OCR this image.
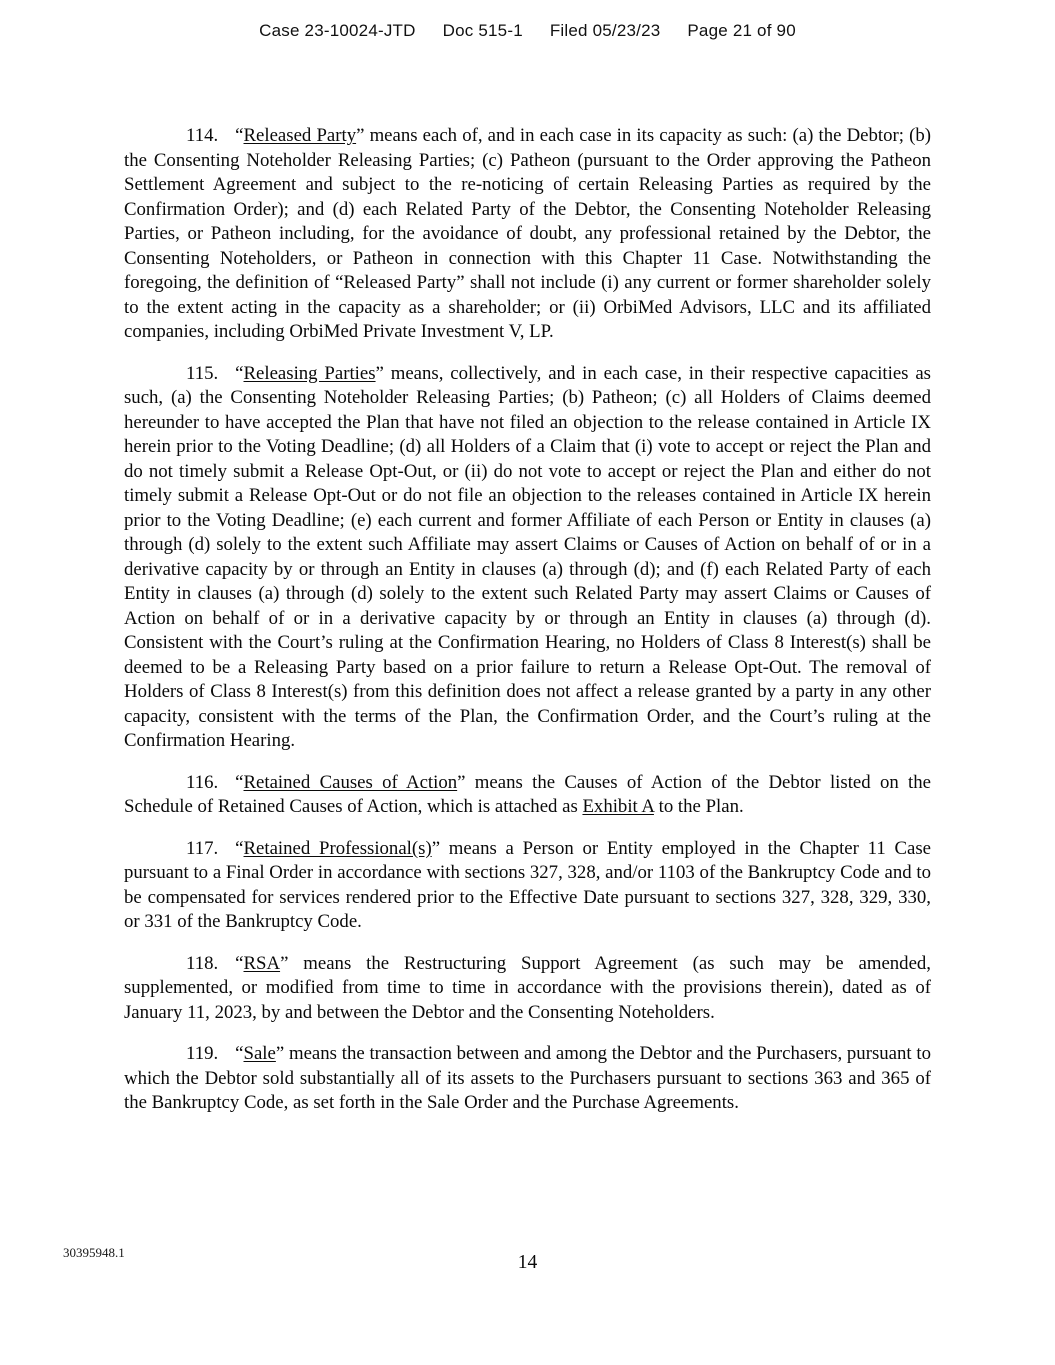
Case 23-10024-JTD Doc 515-1 Filed 05/23/23 Page 21 of 90

114. “Released Party” means each of, and in each case in its capacity as such: (a) the Debtor; (b) the Consenting Noteholder Releasing Parties; (c) Patheon (pursuant to the Order approving the Patheon Settlement Agreement and subject to the re-noticing of certain Releasing Parties as required by the Confirmation Order); and (d) each Related Party of the Debtor, the Consenting Noteholder Releasing Parties, or Patheon including, for the avoidance of doubt, any professional retained by the Debtor, the Consenting Noteholders, or Patheon in connection with this Chapter 11 Case. Notwithstanding the foregoing, the definition of “Released Party” shall not include (i) any current or former shareholder solely to the extent acting in the capacity as a shareholder; or (ii) OrbiMed Advisors, LLC and its affiliated companies, including OrbiMed Private Investment V, LP.

115. “Releasing Parties” means, collectively, and in each case, in their respective capacities as such, (a) the Consenting Noteholder Releasing Parties; (b) Patheon; (c) all Holders of Claims deemed hereunder to have accepted the Plan that have not filed an objection to the release contained in Article IX herein prior to the Voting Deadline; (d) all Holders of a Claim that (i) vote to accept or reject the Plan and do not timely submit a Release Opt-Out, or (ii) do not vote to accept or reject the Plan and either do not timely submit a Release Opt-Out or do not file an objection to the releases contained in Article IX herein prior to the Voting Deadline; (e) each current and former Affiliate of each Person or Entity in clauses (a) through (d) solely to the extent such Affiliate may assert Claims or Causes of Action on behalf of or in a derivative capacity by or through an Entity in clauses (a) through (d); and (f) each Related Party of each Entity in clauses (a) through (d) solely to the extent such Related Party may assert Claims or Causes of Action on behalf of or in a derivative capacity by or through an Entity in clauses (a) through (d). Consistent with the Court’s ruling at the Confirmation Hearing, no Holders of Class 8 Interest(s) shall be deemed to be a Releasing Party based on a prior failure to return a Release Opt-Out. The removal of Holders of Class 8 Interest(s) from this definition does not affect a release granted by a party in any other capacity, consistent with the terms of the Plan, the Confirmation Order, and the Court’s ruling at the Confirmation Hearing.

116. “Retained Causes of Action” means the Causes of Action of the Debtor listed on the Schedule of Retained Causes of Action, which is attached as Exhibit A to the Plan.

117. “Retained Professional(s)” means a Person or Entity employed in the Chapter 11 Case pursuant to a Final Order in accordance with sections 327, 328, and/or 1103 of the Bankruptcy Code and to be compensated for services rendered prior to the Effective Date pursuant to sections 327, 328, 329, 330, or 331 of the Bankruptcy Code.

118. “RSA” means the Restructuring Support Agreement (as such may be amended, supplemented, or modified from time to time in accordance with the provisions therein), dated as of January 11, 2023, by and between the Debtor and the Consenting Noteholders.

119. “Sale” means the transaction between and among the Debtor and the Purchasers, pursuant to which the Debtor sold substantially all of its assets to the Purchasers pursuant to sections 363 and 365 of the Bankruptcy Code, as set forth in the Sale Order and the Purchase Agreements.

30395948.1	14
